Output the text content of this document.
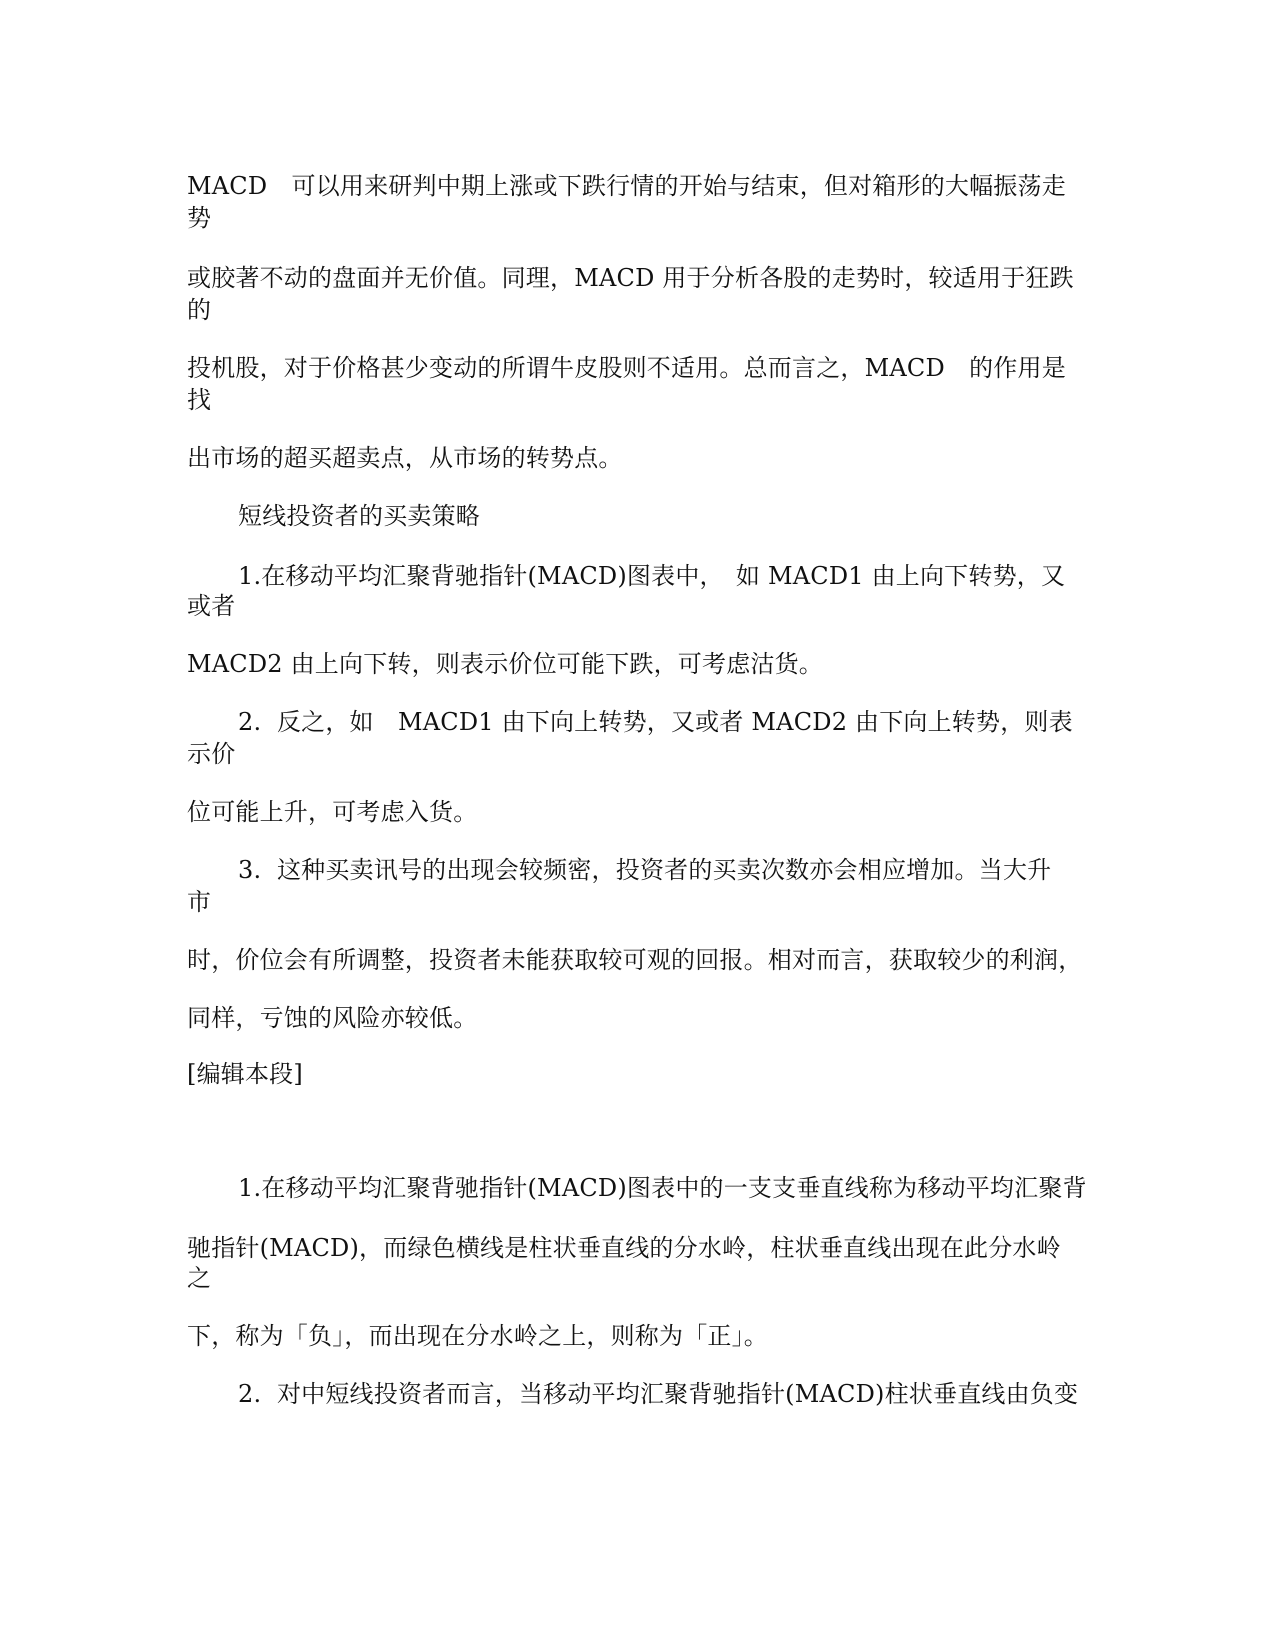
MACD　可以用来研判中期上涨或下跌行情的开始与结束，但对箱形的大幅振荡走
势
或胶著不动的盘面并无价值。同理，MACD 用于分析各股的走势时，较适用于狂跌
的
投机股，对于价格甚少变动的所谓牛皮股则不适用。总而言之，MACD　的作用是
找
出市场的超买超卖点，从市场的转势点。
短线投资者的买卖策略
1.在移动平均汇聚背驰指针(MACD)图表中，　如 MACD1 由上向下转势，又
或者
MACD2 由上向下转，则表示价位可能下跌，可考虑沽货。
2.  反之，如　MACD1 由下向上转势，又或者 MACD2 由下向上转势，则表
示价
位可能上升，可考虑入货。
3.  这种买卖讯号的出现会较频密，投资者的买卖次数亦会相应增加。当大升
市
时，价位会有所调整，投资者未能获取较可观的回报。相对而言，获取较少的利润，
同样，亏蚀的风险亦较低。
[编辑本段]
1.在移动平均汇聚背驰指针(MACD)图表中的一支支垂直线称为移动平均汇聚背
驰指针(MACD)，而绿色横线是柱状垂直线的分水岭，柱状垂直线出现在此分水岭
之
下，称为「负」，而出现在分水岭之上，则称为「正」。
2.  对中短线投资者而言，当移动平均汇聚背驰指针(MACD)柱状垂直线由负变
